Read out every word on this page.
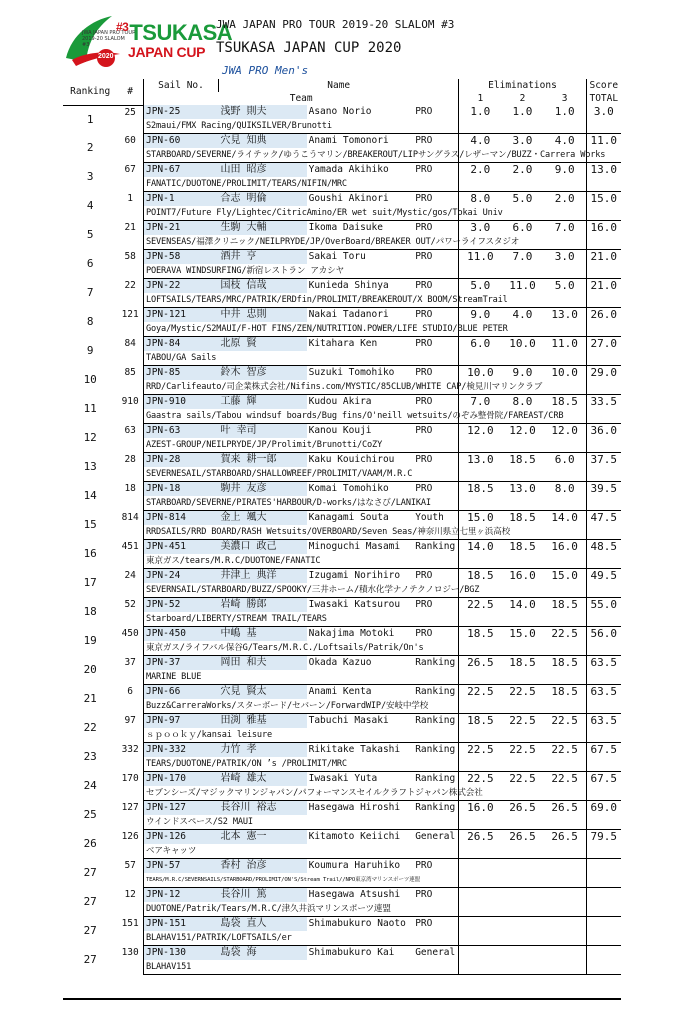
JWA JAPAN PRO TOUR
2019-20 SLALOM
#3
$^{\#3}$TSUKASA
JAPAN CUP
2020
JWA JAPAN PRO TOUR 2019-20 SLALOM #3
TSUKASA JAPAN CUP 2020
JWA PRO Men's
Ranking	#	Sail No.	Name			Eliminations			Score
		Team				1	2	3	TOTAL
1	25	JPN-25	浅野 則夫	Asano Norio	PRO	1.0	1.0	1.0	3.0
		S2maui/FMX Racing/QUIKSILVER/Brunotti							
2	60	JPN-60	穴見 知典	Anami Tomonori	PRO	4.0	3.0	4.0	11.0
		STARBOARD/SEVERNE/ライテック/ゆうこうマリン/BREAKEROUT/LIPサングラス/レザーマン/BUZZ・Carrera Works							
3	67	JPN-67	山田 昭彦	Yamada Akihiko	PRO	2.0	2.0	9.0	13.0
		FANATIC/DUOTONE/PROLIMIT/TEARS/NIFIN/MRC							
4	1	JPN-1	合志 明倫	Goushi Akinori	PRO	8.0	5.0	2.0	15.0
		POINT7/Future Fly/Lightec/CitricAmino/ER wet suit/Mystic/gos/Tokai Univ							
5	21	JPN-21	生駒 大輔	Ikoma Daisuke	PRO	3.0	6.0	7.0	16.0
		SEVENSEAS/福澤クリニック/NEILPRYDE/JP/OverBoard/BREAKER OUT/パワーライフスタジオ							
6	58	JPN-58	酒井 亨	Sakai Toru	PRO	11.0	7.0	3.0	21.0
		POERAVA WINDSURFING/新宿レストラン アカシヤ							
7	22	JPN-22	国枝 信哉	Kunieda Shinya	PRO	5.0	11.0	5.0	21.0
		LOFTSAILS/TEARS/MRC/PATRIK/ERDfin/PROLIMIT/BREAKEROUT/X BOOM/StreamTrail							
8	121	JPN-121	中井 忠則	Nakai Tadanori	PRO	9.0	4.0	13.0	26.0
		Goya/Mystic/S2MAUI/F-HOT FINS/ZEN/NUTRITION.POWER/LIFE STUDIO/BLUE PETER							
9	84	JPN-84	北原 賢	Kitahara Ken	PRO	6.0	10.0	11.0	27.0
		TABOU/GA Sails							
10	85	JPN-85	鈴木 智彦	Suzuki Tomohiko	PRO	10.0	9.0	10.0	29.0
		RRD/Carlifeauto/司企業株式会社/Nifins.com/MYSTIC/85CLUB/WHITE CAP/検見川マリンクラブ							
11	910	JPN-910	工藤 輝	Kudou Akira	PRO	7.0	8.0	18.5	33.5
		Gaastra sails/Tabou windsuf boards/Bug fins/O'neill wetsuits/のぞみ整骨院/FAREAST/CRB							
12	63	JPN-63	叶 幸司	Kanou Kouji	PRO	12.0	12.0	12.0	36.0
		AZEST-GROUP/NEILPRYDE/JP/Prolimit/Brunotti/CoZY							
13	28	JPN-28	賀来 耕一郎	Kaku Kouichirou	PRO	13.0	18.5	6.0	37.5
		SEVERNESAIL/STARBOARD/SHALLOWREEF/PROLIMIT/VAAM/M.R.C							
14	18	JPN-18	駒井 友彦	Komai Tomohiko	PRO	18.5	13.0	8.0	39.5
		STARBOARD/SEVERNE/PIRATES'HARBOUR/D-works/はなさび/LANIKAI							
15	814	JPN-814	金上 颯大	Kanagami Souta	Youth	15.0	18.5	14.0	47.5
		RRDSAILS/RRD BOARD/RASH Wetsuits/OVERBOARD/Seven Seas/神奈川県立七里ヶ浜高校							
16	451	JPN-451	美濃口 政己	Minoguchi Masami	Ranking	14.0	18.5	16.0	48.5
		東京ガス/tears/M.R.C/DUOTONE/FANATIC							
17	24	JPN-24	井津上 典洋	Izugami Norihiro	PRO	18.5	16.0	15.0	49.5
		SEVERNSAIL/STARBOARD/BUZZ/SPOOKY/三井ホーム/積水化学ナノテクノロジー/BGZ							
18	52	JPN-52	岩崎 勝郎	Iwasaki Katsurou	PRO	22.5	14.0	18.5	55.0
		Starboard/LIBERTY/STREAM TRAIL/TEARS							
19	450	JPN-450	中嶋 基	Nakajima Motoki	PRO	18.5	15.0	22.5	56.0
		東京ガス/ライフバル保谷G/Tears/M.R.C./Loftsails/Patrik/On's							
20	37	JPN-37	岡田 和夫	Okada Kazuo	Ranking	26.5	18.5	18.5	63.5
		MARINE BLUE							
21	6	JPN-66	穴見 賢太	Anami Kenta	Ranking	22.5	22.5	18.5	63.5
		Buzz&CarreraWorks/スターボード/セバーン/ForwardWIP/安岐中学校							
22	97	JPN-97	田渕 雅基	Tabuchi Masaki	Ranking	18.5	22.5	22.5	63.5
		ｓｐｏｏｋｙ/kansai leisure							
23	332	JPN-332	力竹 孝	Rikitake Takashi	Ranking	22.5	22.5	22.5	67.5
		TEARS/DUOTONE/PATRIK/ON ’s /PROLIMIT/MRC							
24	170	JPN-170	岩崎 雄太	Iwasaki Yuta	Ranking	22.5	22.5	22.5	67.5
		セブンシーズ/マジックマリンジャパン/パフォーマンスセイルクラフトジャパン株式会社							
25	127	JPN-127	長谷川 裕志	Hasegawa Hiroshi	Ranking	16.0	26.5	26.5	69.0
		ウインドスペース/S2 MAUI							
26	126	JPN-126	北本 憲一	Kitamoto Keiichi	General	26.5	26.5	26.5	79.5
		ベアキャッツ							
27	57	JPN-57	香村 治彦	Koumura Haruhiko	PRO				
		TEARS/M.R.C/SEVERNSAILS/STARBOARD/PROLIMIT/ON'S/Stream Trail//NPO東京湾マリンスポーツ連盟							
27	12	JPN-12	長谷川 篤	Hasegawa Atsushi	PRO				
		DUOTONE/Patrik/Tears/M.R.C/津久井浜マリンスポーツ連盟							
27	151	JPN-151	島袋 直人	Shimabukuro Naoto	PRO				
		BLAHAV151/PATRIK/LOFTSAILS/er							
27	130	JPN-130	島袋 海	Shimabukuro Kai	General				
		BLAHAV151							
